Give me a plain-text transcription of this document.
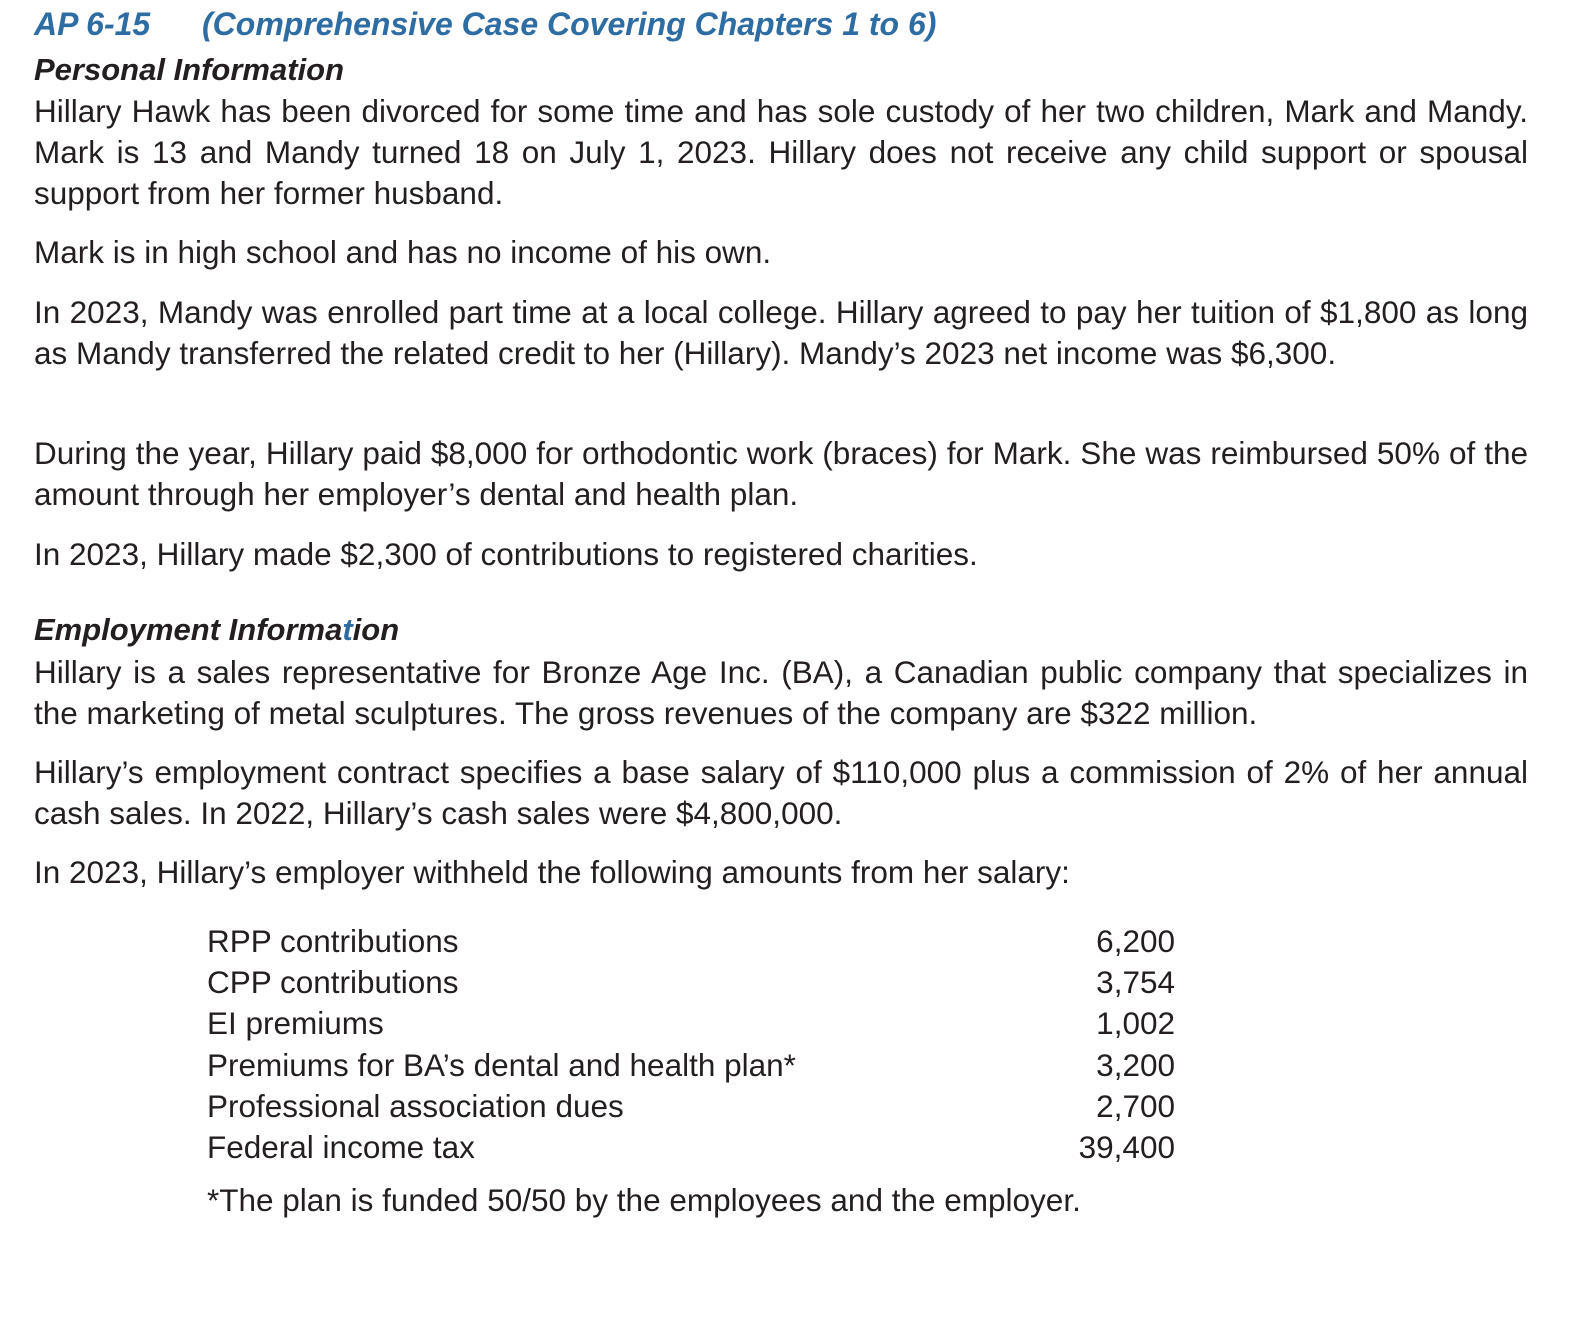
AP 6-15 (Comprehensive Case Covering Chapters 1 to 6)
Personal Information

Hillary Hawk has been divorced for some time and has sole custody of her two children, Mark and Mandy. Mark is 13 and Mandy turned 18 on July 1, 2023. Hillary does not receive any child support or spousal support from her former husband.

Mark is in high school and has no income of his own.

In 2023, Mandy was enrolled part time at a local college. Hillary agreed to pay her tuition of $1,800 as long as Mandy transferred the related credit to her (Hillary). Mandy’s 2023 net income was $6,300.

During the year, Hillary paid $8,000 for orthodontic work (braces) for Mark. She was reimbursed 50% of the amount through her employer’s dental and health plan.

In 2023, Hillary made $2,300 of contributions to registered charities.

Employment Information

Hillary is a sales representative for Bronze Age Inc. (BA), a Canadian public company that specializes in the marketing of metal sculptures. The gross revenues of the company are $322 million.

Hillary’s employment contract specifies a base salary of $110,000 plus a commission of 2% of her annual cash sales. In 2022, Hillary’s cash sales were $4,800,000.

In 2023, Hillary’s employer withheld the following amounts from her salary:

RPP contributions	6,200
CPP contributions	3,754
EI premiums	1,002
Premiums for BA’s dental and health plan*	3,200
Professional association dues	2,700
Federal income tax	39,400
*The plan is funded 50/50 by the employees and the employer.
